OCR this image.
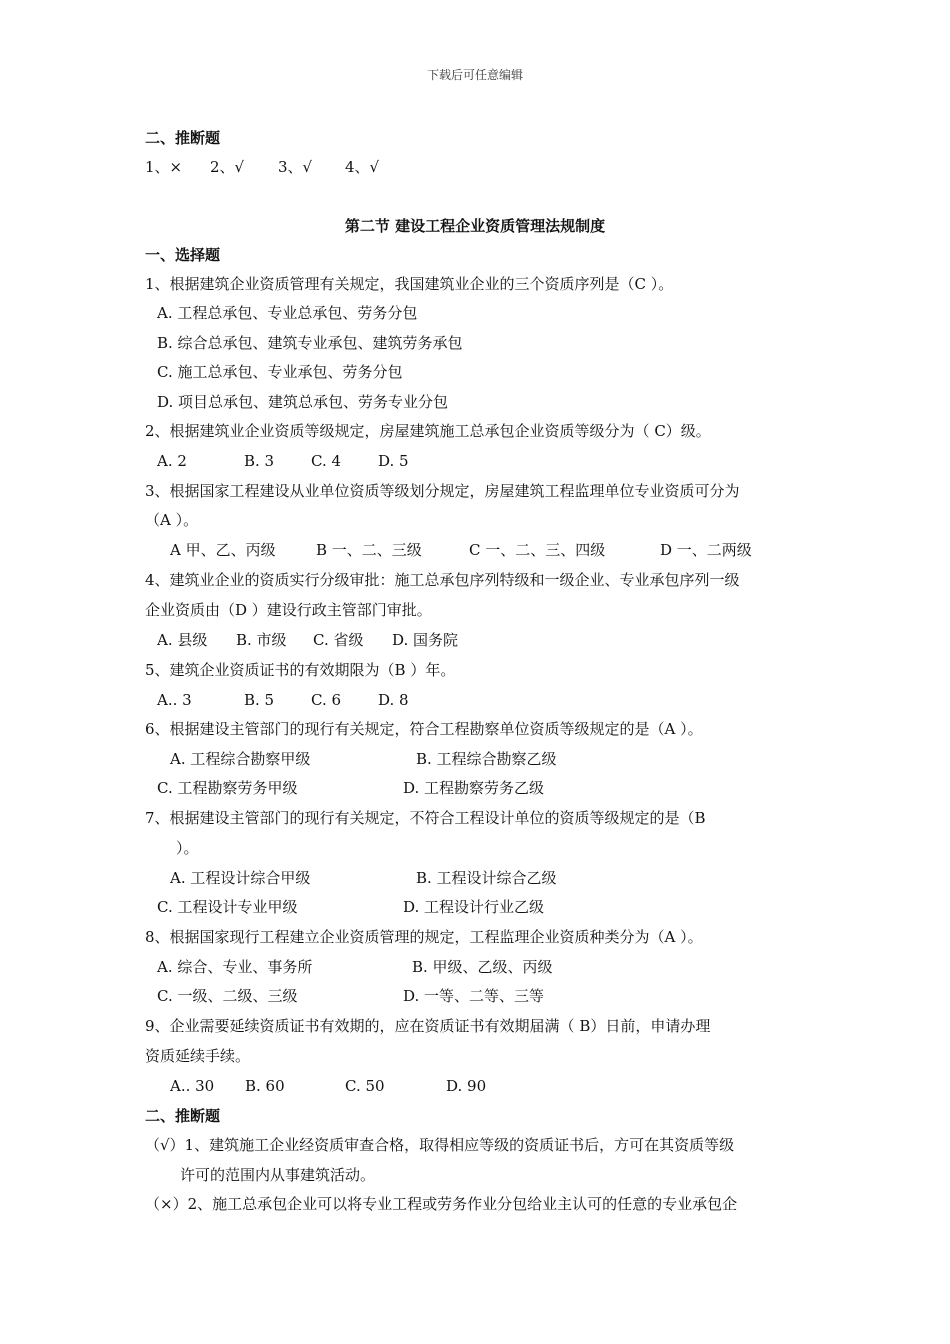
下载后可任意编辑
二、推断题
1、× 2、√ 3、√ 4、√
第二节 建设工程企业资质管理法规制度
一、选择题
1、根据建筑企业资质管理有关规定，我国建筑业企业的三个资质序列是（C ）。
A. 工程总承包、专业总承包、劳务分包
B. 综合总承包、建筑专业承包、建筑劳务承包
C. 施工总承包、专业承包、劳务分包
D. 项目总承包、建筑总承包、劳务专业分包
2、根据建筑业企业资质等级规定，房屋建筑施工总承包企业资质等级分为（ C）级。
A. 2	B. 3 C. 4 D. 5
3、根据国家工程建设从业单位资质等级划分规定，房屋建筑工程监理单位专业资质可分为
（A ）。
A 甲、乙、丙级	B 一、二、三级	C 一、二、三、四级	D 一、二两级
4、建筑业企业的资质实行分级审批：施工总承包序列特级和一级企业、专业承包序列一级
企业资质由（D ）建设行政主管部门审批。
A. 县级 B. 市级 C. 省级 D. 国务院
5、建筑企业资质证书的有效期限为（B ）年。
A.. 3	B. 5 C. 6 D. 8
6、根据建设主管部门的现行有关规定，符合工程勘察单位资质等级规定的是（A ）。
A. 工程综合勘察甲级	B. 工程综合勘察乙级
C. 工程勘察劳务甲级	D. 工程勘察劳务乙级
7、根据建设主管部门的现行有关规定，不符合工程设计单位的资质等级规定的是（B
）。
A. 工程设计综合甲级	B. 工程设计综合乙级
C. 工程设计专业甲级	D. 工程设计行业乙级
8、根据国家现行工程建立企业资质管理的规定，工程监理企业资质种类分为（A ）。
A. 综合、专业、事务所	B. 甲级、乙级、丙级
C. 一级、二级、三级	D. 一等、二等、三等
9、企业需要延续资质证书有效期的，应在资质证书有效期届满（ B）日前，申请办理
资质延续手续。
A.. 30 B. 60	C. 50	D. 90
二、推断题
（√）1、建筑施工企业经资质审查合格，取得相应等级的资质证书后，方可在其资质等级
许可的范围内从事建筑活动。
（×）2、施工总承包企业可以将专业工程或劳务作业分包给业主认可的任意的专业承包企
